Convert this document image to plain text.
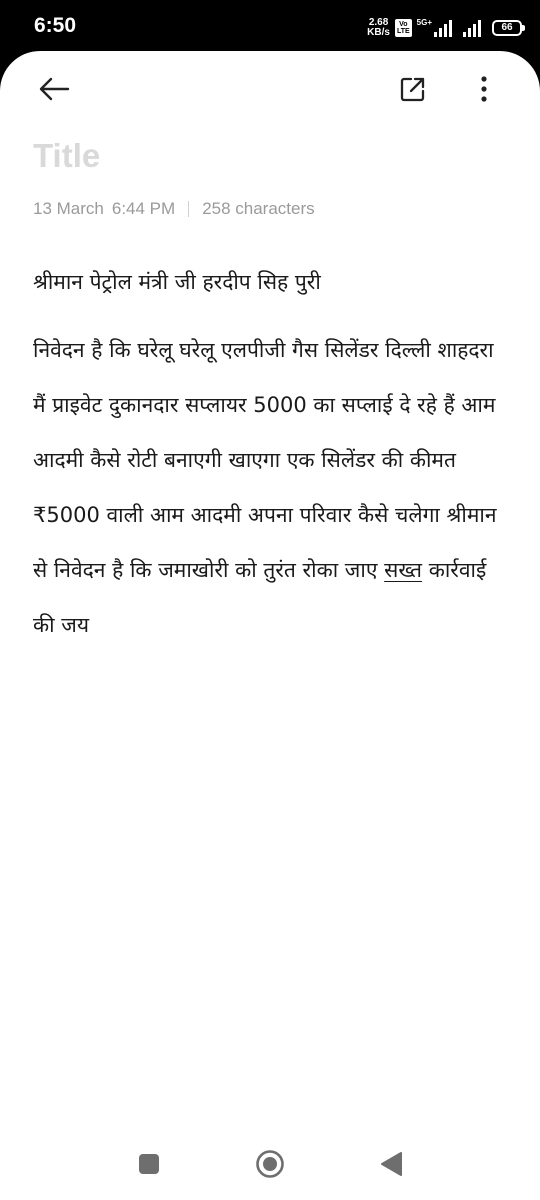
6:50	2.68
KB/s
Vo
LTE
5G+	66
Title
13 March 6:44 PM 258 characters

श्रीमान पेट्रोल मंत्री जी हरदीप सिह पुरी

निवेदन है कि घरेलू घरेलू एलपीजी गैस सिलेंडर दिल्ली शाहदरा मैं प्राइवेट दुकानदार सप्लायर 5000 का सप्लाई दे रहे हैं आम आदमी कैसे रोटी बनाएगी खाएगा एक सिलेंडर की कीमत ₹5000 वाली आम आदमी अपना परिवार कैसे चलेगा श्रीमान से निवेदन है कि जमाखोरी को तुरंत रोका जाए सख्त कार्रवाई की जय
